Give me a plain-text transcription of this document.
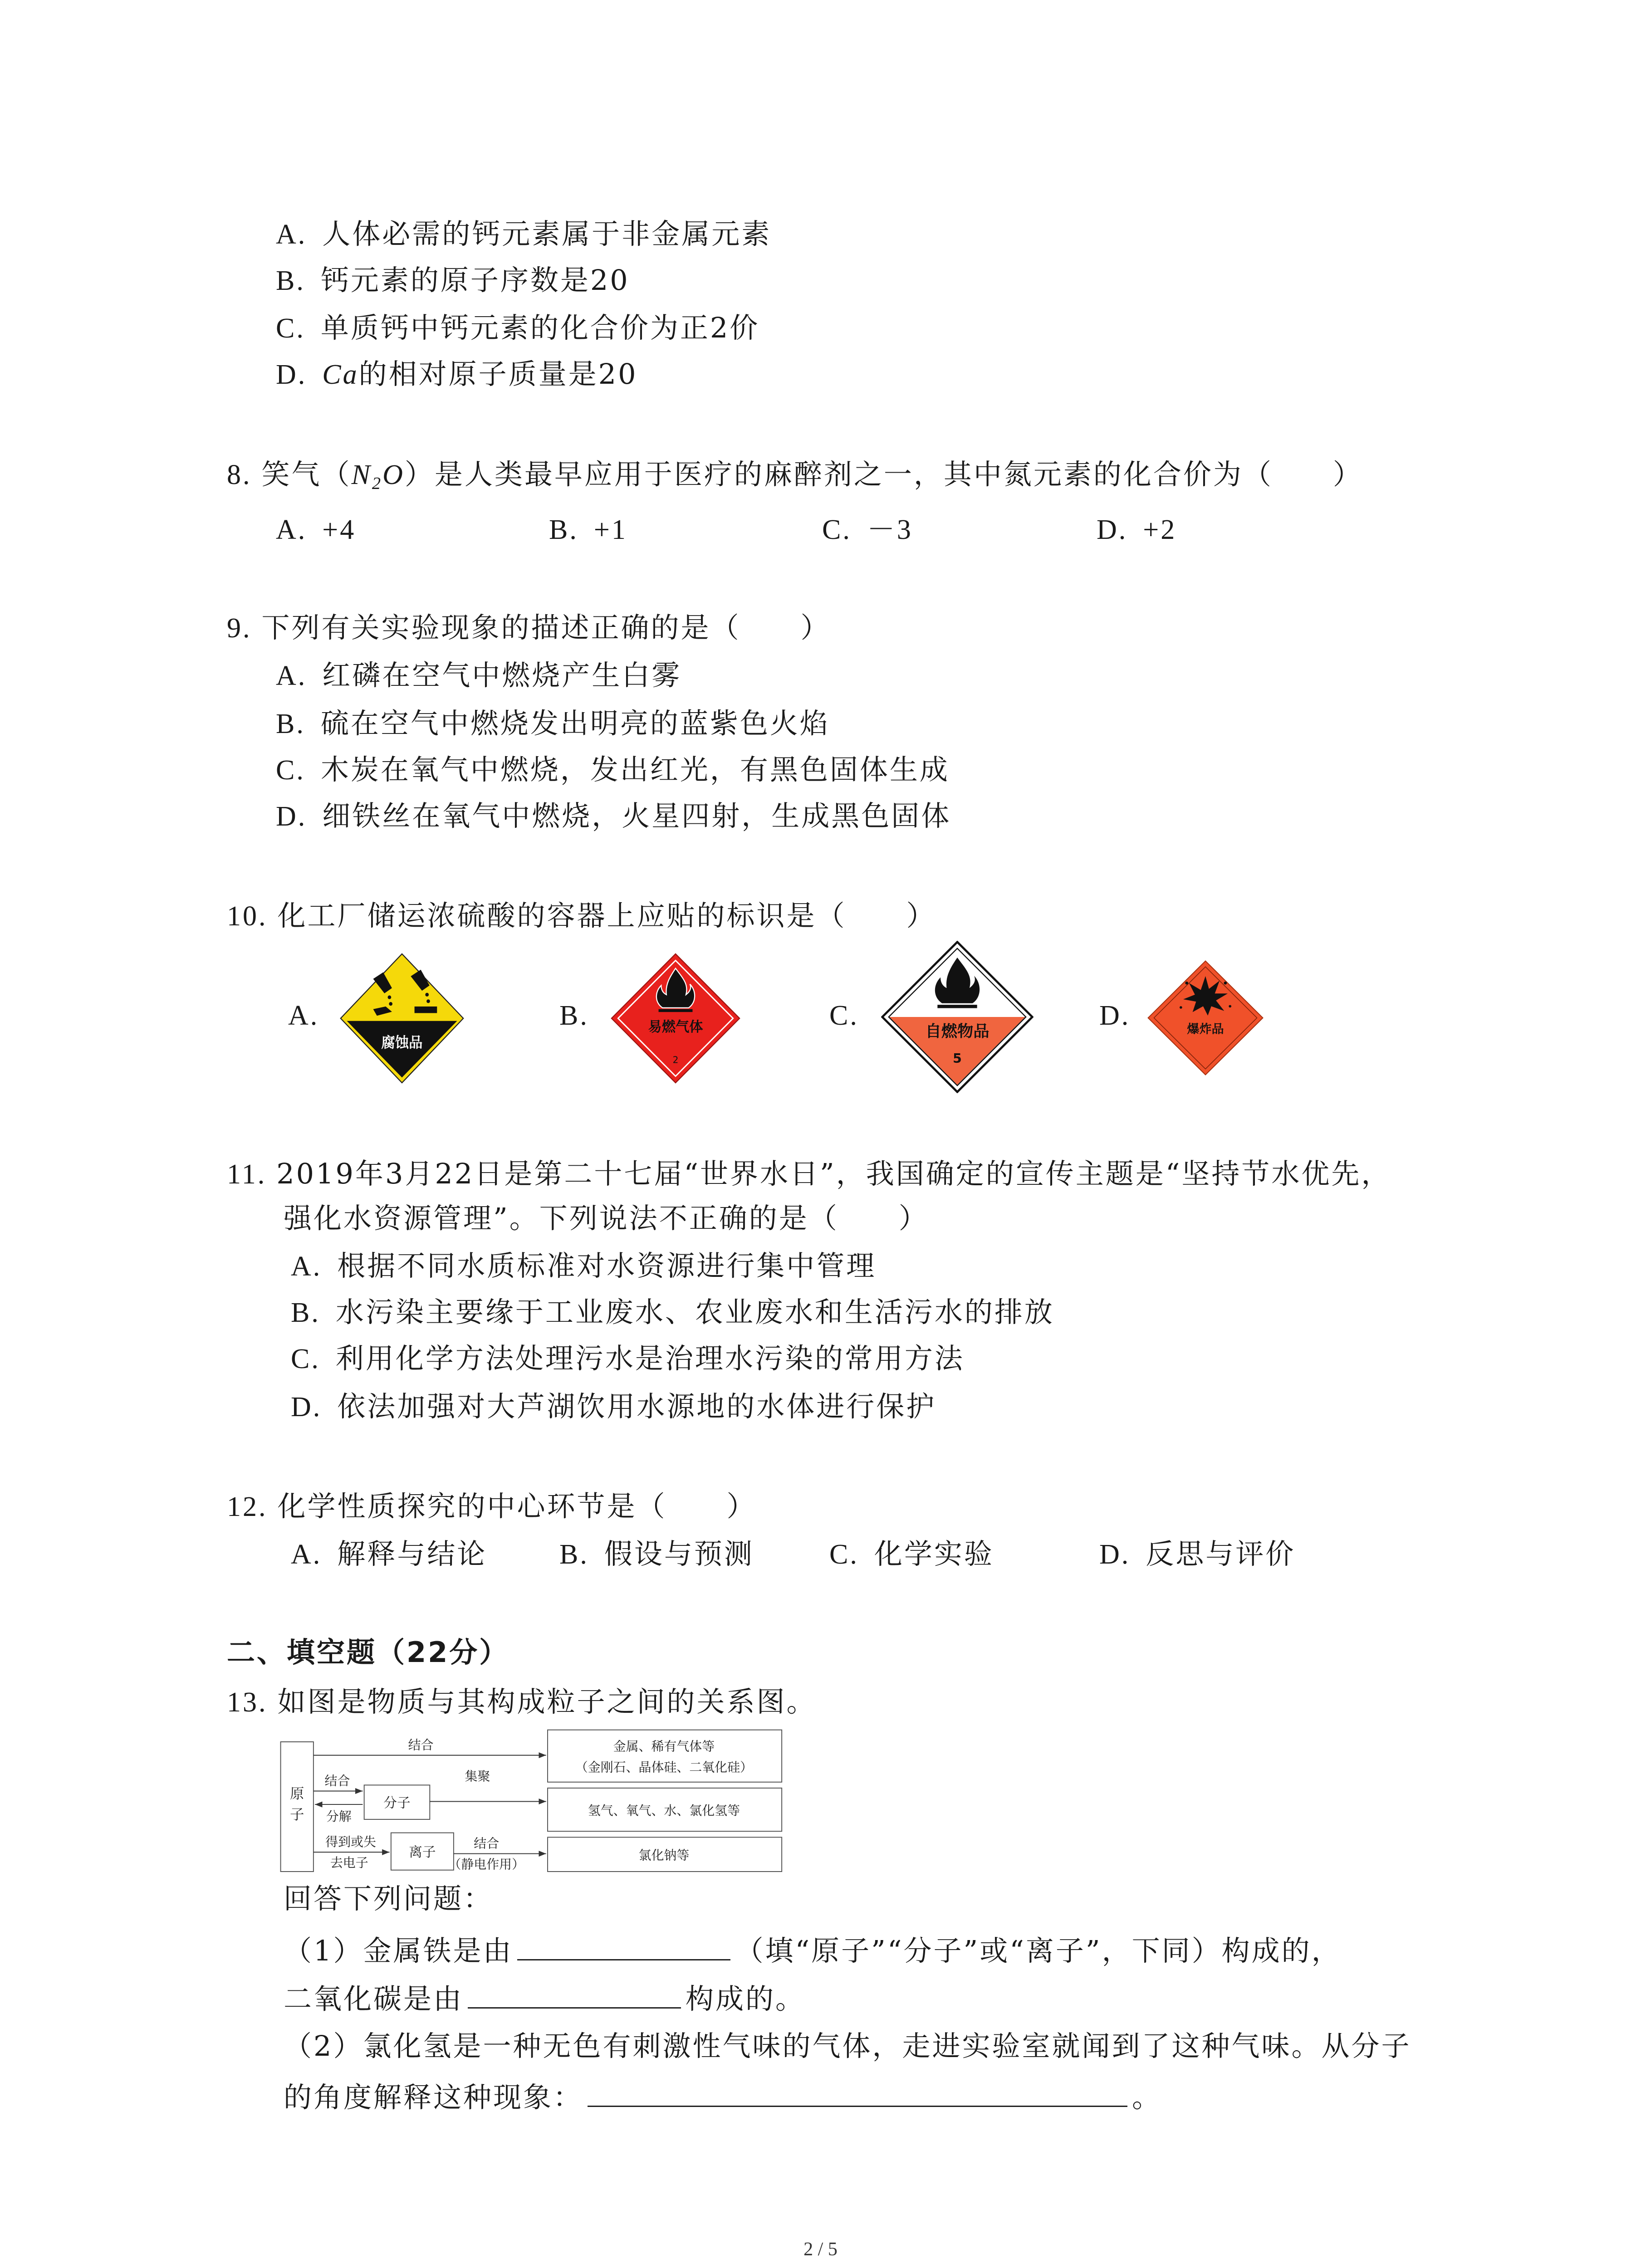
A. 人体必需的钙元素属于非金属元素
B. 钙元素的原子序数是20
C. 单质钙中钙元素的化合价为正2价
D. Ca的相对原子质量是20
8. 笑气$(N_2O)$是人类最早应用于医疗的麻醉剂之一，其中氮元素的化合价为（　　）
A. +4	B. +1	C. －3	D. +2
9. 下列有关实验现象的描述正确的是（　　）
A. 红磷在空气中燃烧产生白雾
B. 硫在空气中燃烧发出明亮的蓝紫色火焰
C. 木炭在氧气中燃烧，发出红光，有黑色固体生成
D. 细铁丝在氧气中燃烧，火星四射，生成黑色固体
10. 化工厂储运浓硫酸的容器上应贴的标识是（　　）
A.	B.	C.	D.
腐蚀品
易燃气体
2
自燃物品
5
爆炸品
11. 2019年3月22日是第二十七届“世界水日”，我国确定的宣传主题是“坚持节水优先，
强化水资源管理”。下列说法不正确的是（　　）
A. 根据不同水质标准对水资源进行集中管理
B. 水污染主要缘于工业废水、农业废水和生活污水的排放
C. 利用化学方法处理污水是治理水污染的常用方法
D. 依法加强对大芦湖饮用水源地的水体进行保护
12. 化学性质探究的中心环节是（　　）
A. 解释与结论	B. 假设与预测	C. 化学实验	D. 反思与评价
二、填空题（22分）
13. 如图是物质与其构成粒子之间的关系图。
原
子
结合	金属、稀有气体等
（金刚石、晶体硅、二氧化硅）
结合
分解
分子
集聚
氢气、氧气、水、氯化氢等
得到或失
去电子
离子
结合
（静电作用）
氯化钠等
回答下列问题：
（1）金属铁是由	（填“原子”“分子”或“离子”，下同）构成的，
二氧化碳是由	构成的。
（2）氯化氢是一种无色有刺激性气味的气体，走进实验室就闻到了这种气味。从分子
的角度解释这种现象：	。
2 / 5
